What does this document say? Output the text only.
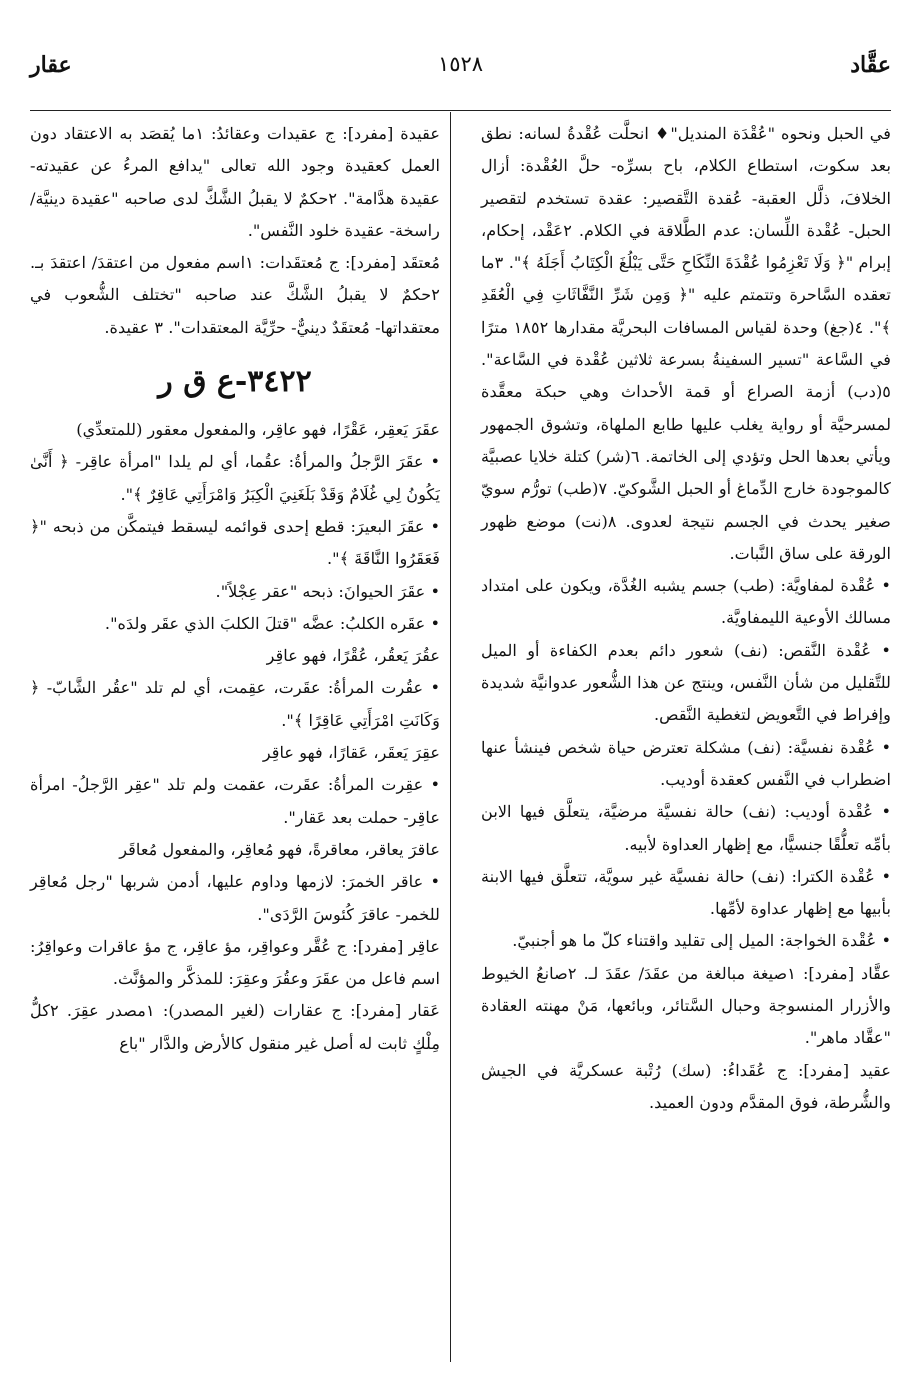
عقَّاد
١٥٢٨
عقار

في الحبل ونحوه "عُقْدَة المنديل"♦ انحلَّت عُقْدةُ لسانه: نطق بعد سكوت، استطاع الكلام، باح بسرِّه- حلَّ العُقْدة: أزال الخلافَ، ذلَّل العقبة- عُقدة التَّقصير: عقدة تستخدم لتقصير الحبل- عُقْدة اللِّسان: عدم الطَّلاقة في الكلام. ٢عَقْد، إحكام، إبرام "﴿ وَلَا تَعْزِمُوا عُقْدَةَ النِّكَاحِ حَتَّى يَبْلُغَ الْكِتَابُ أَجَلَهُ ﴾". ٣ما تعقده السَّاحرة وتتمتم عليه "﴿ وَمِن شَرِّ النَّفَّاثَاتِ فِي الْعُقَدِ ﴾". ٤(جغ) وحدة لقياس المسافات البحريَّة مقدارها ١٨٥٢ مترًا في السَّاعة "تسير السفينةُ بسرعة ثلاثين عُقْدة في السَّاعة". ٥(دب) أزمة الصراع أو قمة الأحداث وهي حبكة معقَّدة لمسرحيَّة أو رواية يغلب عليها طابع الملهاة، وتشوق الجمهور ويأتي بعدها الحل وتؤدي إلى الخاتمة. ٦(شر) كتلة خلايا عصبيَّة كالموجودة خارج الدِّماغ أو الحبل الشَّوكيّ. ٧(طب) تورُّم سويّ صغير يحدث في الجسم نتيجة لعدوى. ٨(نت) موضع ظهور الورقة على ساق النَّبات.

• عُقْدة لمفاويَّة: (طب) جسم يشبه الغُدَّة، ويكون على امتداد مسالك الأوعية الليمفاويَّة.

• عُقْدة النَّقص: (نف) شعور دائم بعدم الكفاءة أو الميل للتَّقليل من شأن النَّفس، وينتج عن هذا الشُّعور عدوانيَّة شديدة وإفراط في التَّعويض لتغطية النَّقص.

• عُقْدة نفسيَّة: (نف) مشكلة تعترض حياة شخص فينشأ عنها اضطراب في النَّفس كعقدة أوديب.

• عُقْدة أوديب: (نف) حالة نفسيَّة مرضيَّة، يتعلَّق فيها الابن بأمِّه تعلُّقًا جنسيًّا، مع إظهار العداوة لأبيه.

• عُقْدة الكترا: (نف) حالة نفسيَّة غير سويَّة، تتعلَّق فيها الابنة بأبيها مع إظهار عداوة لأمِّها.

• عُقْدة الخواجة: الميل إلى تقليد واقتناء كلّ ما هو أجنبيّ.

عقَّاد [مفرد]: ١صيغة مبالغة من عقَدَ/ عقَدَ لـ. ٢صانعُ الخيوط والأزرار المنسوجة وحبال السَّتائر، وبائعها، مَنْ مهنته العقادة "عقَّاد ماهر".

عقيد [مفرد]: ج عُقَداءُ: (سك) رُتْبة عسكريَّة في الجيش والشُّرطة، فوق المقدَّم ودون العميد.

عقيدة [مفرد]: ج عقيدات وعقائدُ: ١ما يُقصَد به الاعتقاد دون العمل كعقيدة وجود الله تعالى "يدافع المرءُ عن عقيدته- عقيدة هدَّامة". ٢حكمٌ لا يقبلُ الشَّكَّ لدى صاحبه "عقيدة دينيَّة/ راسخة- عقيدة خلود النَّفس".

مُعتقَد [مفرد]: ج مُعتقَدات: ١اسم مفعول من اعتقدَ/ اعتقدَ بـ. ٢حكمٌ لا يقبلُ الشَّكَّ عند صاحبه "تختلف الشُّعوب في معتقداتها- مُعتقَدٌ دينيٌّ- حرِّيَّة المعتقدات". ٣ عقيدة.

٣٤٢٢-ع ق ر

عقَرَ يَعقِر، عَقْرًا، فهو عاقِر، والمفعول معقور (للمتعدِّي)

• عقَرَ الرَّجلُ والمرأةُ: عقُما، أي لم يلدا "امرأة عاقِر- ﴿ أَنَّىٰ يَكُونُ لِي غُلَامٌ وَقَدْ بَلَغَنِيَ الْكِبَرُ وَامْرَأَتِي عَاقِرٌ ﴾".

• عقَرَ البعيرَ: قطع إحدى قوائمه ليسقط فيتمكَّن من ذبحه "﴿ فَعَقَرُوا النَّاقَةَ ﴾".

• عقَرَ الحيوانَ: ذبحه "عقر عِجْلاً".

• عقَره الكلبُ: عضَّه "قتلَ الكلبَ الذي عقَر ولدَه".

عقُرَ يَعقُر، عُقْرًا، فهو عاقِر

• عقُرت المرأةُ: عقَرت، عقِمت، أي لم تلد "عقُر الشَّابّ- ﴿ وَكَانَتِ امْرَأَتِي عَاقِرًا ﴾".

عقِرَ يَعقَر، عَقارًا، فهو عاقِر

• عقِرت المرأةُ: عقَرت، عقمت ولم تلد "عقِر الرَّجلُ- امرأة عاقِر- حملت بعد عَقار".

عاقرَ يعاقر، معاقرةً، فهو مُعاقِر، والمفعول مُعاقَر

• عاقر الخمرَ: لازمها وداوم عليها، أدمن شربها "رجل مُعاقِر للخمر- عاقرَ كُئوسَ الرَّدَى".

عاقِر [مفرد]: ج عُقَّر وعواقِر، مؤ عاقِر، ج مؤ عاقرات وعواقِرُ: اسم فاعل من عقَرَ وعقُرَ وعقِرَ: للمذكَّر والمؤنَّث.

عَقار [مفرد]: ج عقارات (لغير المصدر): ١مصدر عقِرَ. ٢كلُّ مِلْكٍ ثابت له أصل غير منقول كالأرض والدَّار "باع
